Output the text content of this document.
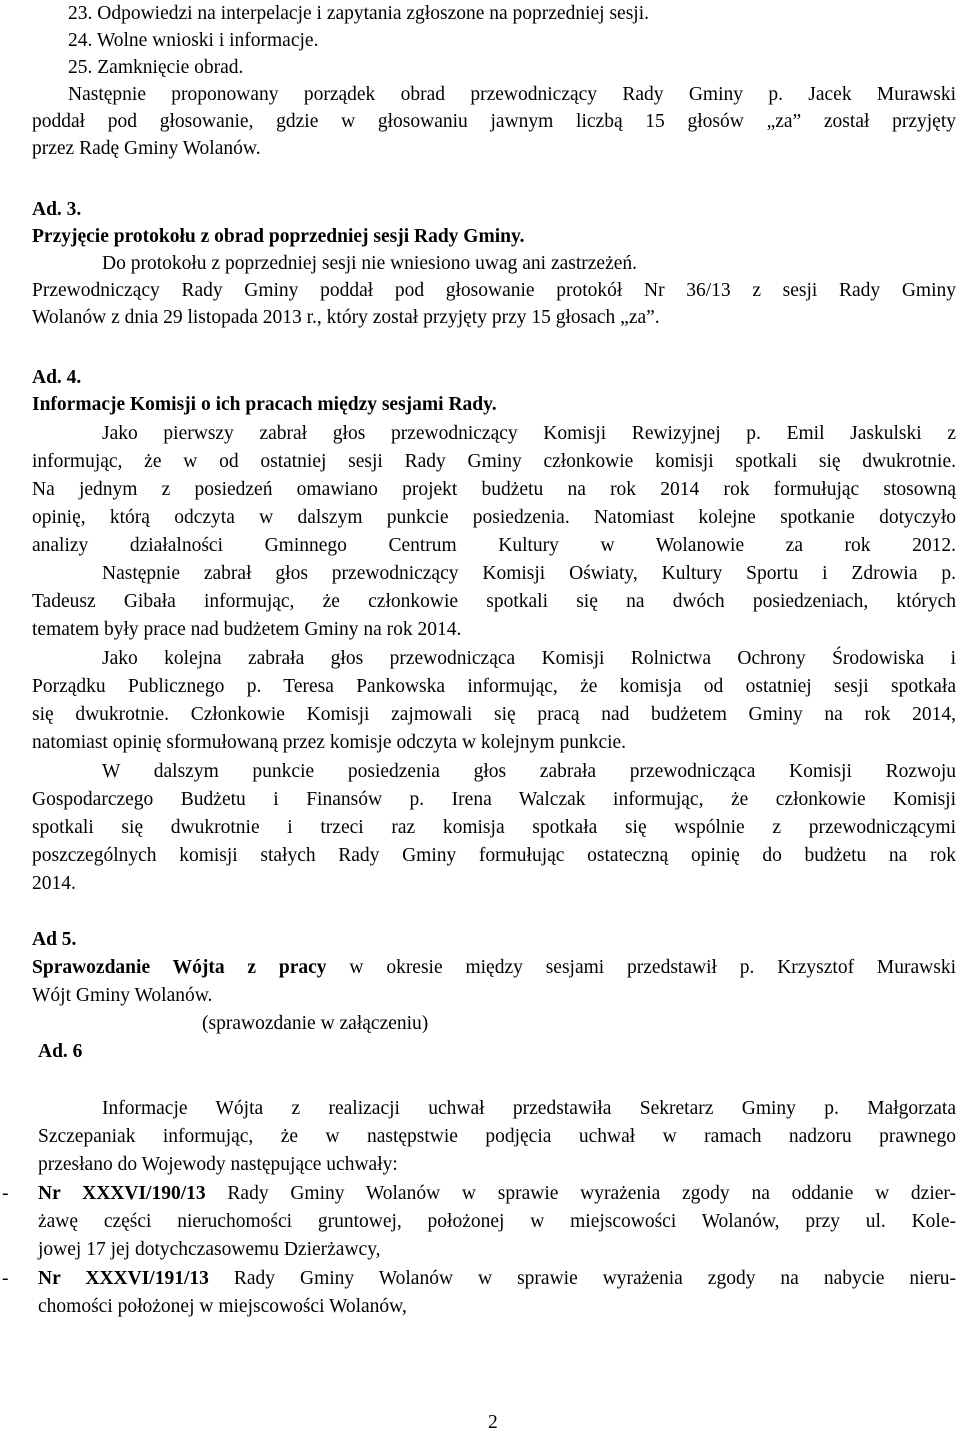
23. Odpowiedzi na interpelacje i zapytania zgłoszone na poprzedniej sesji.
24. Wolne wnioski i informacje.
25. Zamknięcie obrad.
Następnie proponowany porządek obrad przewodniczący Rady Gminy p. Jacek Murawski
poddał pod głosowanie, gdzie w głosowaniu jawnym liczbą 15 głosów „za” został przyjęty
przez Radę Gminy Wolanów.
Ad. 3.
Przyjęcie protokołu z obrad poprzedniej sesji Rady Gminy.
Do protokołu z poprzedniej sesji nie wniesiono uwag ani zastrzeżeń.
Przewodniczący Rady Gminy poddał pod głosowanie protokół Nr 36/13 z sesji Rady Gminy
Wolanów z dnia 29 listopada 2013 r., który został przyjęty przy 15 głosach „za”.
Ad. 4.
Informacje Komisji o ich pracach między sesjami Rady.
Jako pierwszy zabrał głos przewodniczący Komisji Rewizyjnej p. Emil Jaskulski z
informując, że w od ostatniej sesji Rady Gminy członkowie komisji spotkali się dwukrotnie.
Na jednym z posiedzeń omawiano projekt budżetu na rok 2014 rok formułując stosowną
opinię, którą odczyta w dalszym punkcie posiedzenia. Natomiast kolejne spotkanie dotyczyło
analizy działalności Gminnego Centrum Kultury w Wolanowie za rok 2012.
Następnie zabrał głos przewodniczący Komisji Oświaty, Kultury Sportu i Zdrowia p.
Tadeusz Gibała informując, że członkowie spotkali się na dwóch posiedzeniach, których
tematem były prace nad budżetem Gminy na rok 2014.
Jako kolejna zabrała głos przewodnicząca Komisji Rolnictwa Ochrony Środowiska i
Porządku Publicznego p. Teresa Pankowska informując, że komisja od ostatniej sesji spotkała
się dwukrotnie. Członkowie Komisji zajmowali się pracą nad budżetem Gminy na rok 2014,
natomiast opinię sformułowaną przez komisje odczyta w kolejnym punkcie.
W dalszym punkcie posiedzenia głos zabrała przewodnicząca Komisji Rozwoju
Gospodarczego Budżetu i Finansów p. Irena Walczak informując, że członkowie Komisji
spotkali się dwukrotnie i trzeci raz komisja spotkała się wspólnie z przewodniczącymi
poszczególnych komisji stałych Rady Gminy formułując ostateczną opinię do budżetu na rok
2014.
Ad 5.
Sprawozdanie Wójta z pracy w okresie między sesjami przedstawił p. Krzysztof Murawski
Wójt Gminy Wolanów.
(sprawozdanie w załączeniu)
Ad. 6
Informacje Wójta z realizacji uchwał przedstawiła Sekretarz Gminy p. Małgorzata
Szczepaniak informując, że w następstwie podjęcia uchwał w ramach nadzoru prawnego
przesłano do Wojewody następujące uchwały:
- Nr XXXVI/190/13 Rady Gminy Wolanów w sprawie wyrażenia zgody na oddanie w dzier-
żawę części nieruchomości gruntowej, położonej w miejscowości Wolanów, przy ul. Kole-
jowej 17 jej dotychczasowemu Dzierżawcy,
- Nr XXXVI/191/13 Rady Gminy Wolanów w sprawie wyrażenia zgody na nabycie nieru-
chomości położonej w miejscowości Wolanów,
2
